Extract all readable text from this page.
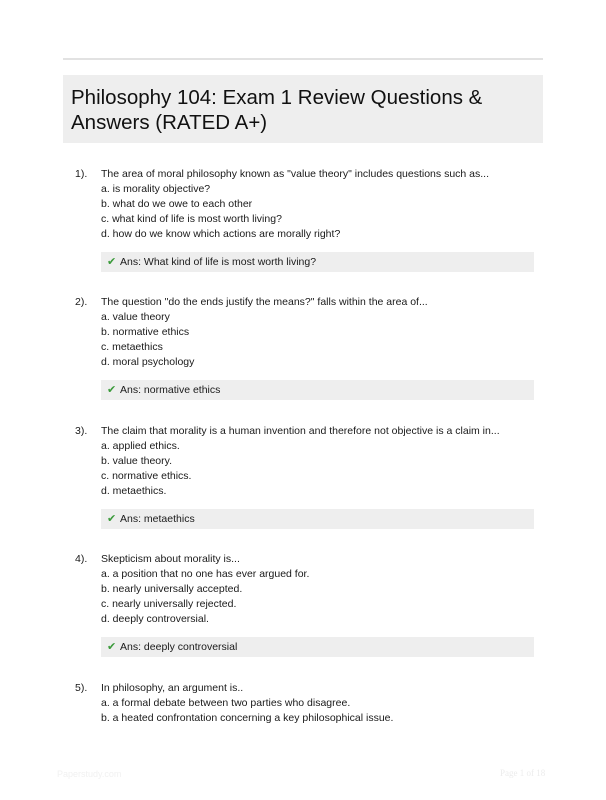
Philosophy 104: Exam 1 Review Questions & Answers (RATED A+)
1). The area of moral philosophy known as "value theory" includes questions such as...
a. is morality objective?
b. what do we owe to each other
c. what kind of life is most worth living?
d. how do we know which actions are morally right?
✔ Ans: What kind of life is most worth living?
2). The question "do the ends justify the means?" falls within the area of...
a. value theory
b. normative ethics
c. metaethics
d. moral psychology
✔ Ans: normative ethics
3). The claim that morality is a human invention and therefore not objective is a claim in...
a. applied ethics.
b. value theory.
c. normative ethics.
d. metaethics.
✔ Ans: metaethics
4). Skepticism about morality is...
a. a position that no one has ever argued for.
b. nearly universally accepted.
c. nearly universally rejected.
d. deeply controversial.
✔ Ans: deeply controversial
5). In philosophy, an argument is..
a. a formal debate between two parties who disagree.
b. a heated confrontation concerning a key philosophical issue.
Paperstudy.com	Page 1 of 18
